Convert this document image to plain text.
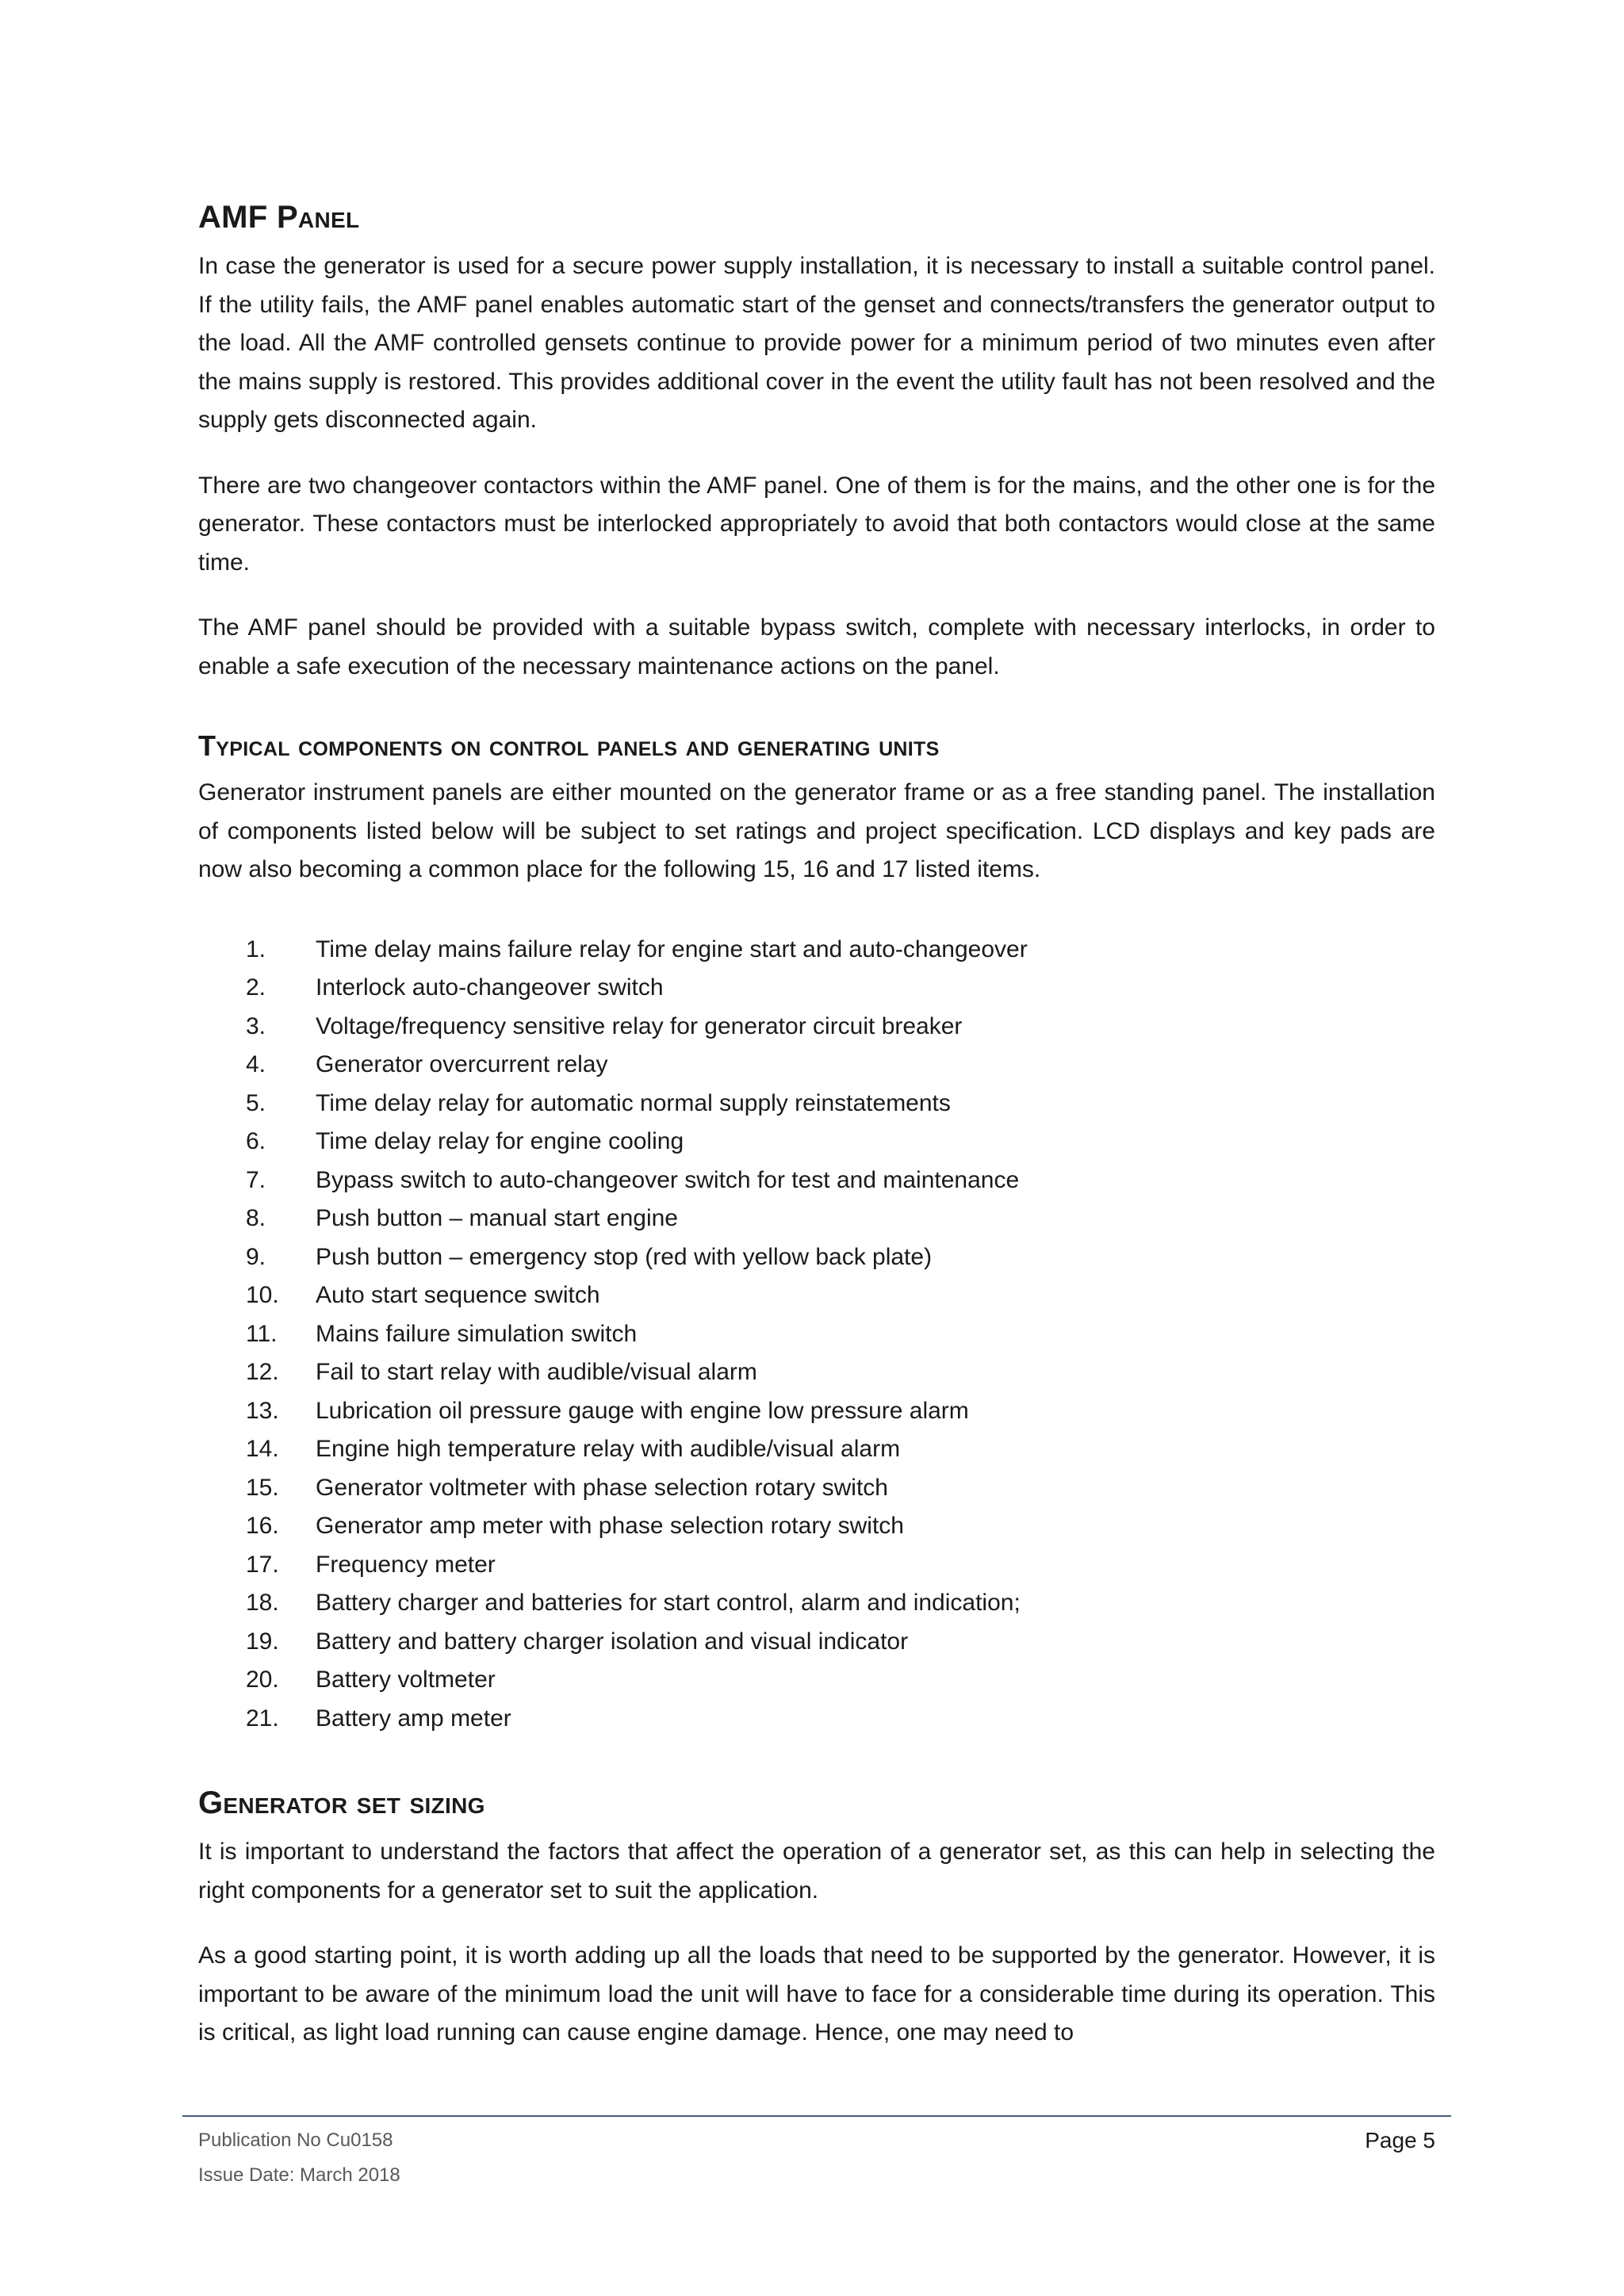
AMF Panel

In case the generator is used for a secure power supply installation, it is necessary to install a suitable control panel. If the utility fails, the AMF panel enables automatic start of the genset and connects/transfers the generator output to the load. All the AMF controlled gensets continue to provide power for a minimum period of two minutes even after the mains supply is restored. This provides additional cover in the event the utility fault has not been resolved and the supply gets disconnected again.

There are two changeover contactors within the AMF panel. One of them is for the mains, and the other one is for the generator. These contactors must be interlocked appropriately to avoid that both contactors would close at the same time.

The AMF panel should be provided with a suitable bypass switch, complete with necessary interlocks, in order to enable a safe execution of the necessary maintenance actions on the panel.

Typical components on control panels and generating units

Generator instrument panels are either mounted on the generator frame or as a free standing panel. The installation of components listed below will be subject to set ratings and project specification. LCD displays and key pads are now also becoming a common place for the following 15, 16 and 17 listed items.

1.	Time delay mains failure relay for engine start and auto-changeover
2.	Interlock auto-changeover switch
3.	Voltage/frequency sensitive relay for generator circuit breaker
4.	Generator overcurrent relay
5.	Time delay relay for automatic normal supply reinstatements
6.	Time delay relay for engine cooling
7.	Bypass switch to auto-changeover switch for test and maintenance
8.	Push button – manual start engine
9.	Push button – emergency stop (red with yellow back plate)
10.	Auto start sequence switch
11.	Mains failure simulation switch
12.	Fail to start relay with audible/visual alarm
13.	Lubrication oil pressure gauge with engine low pressure alarm
14.	Engine high temperature relay with audible/visual alarm
15.	Generator voltmeter with phase selection rotary switch
16.	Generator amp meter with phase selection rotary switch
17.	Frequency meter
18.	Battery charger and batteries for start control, alarm and indication;
19.	Battery and battery charger isolation and visual indicator
20.	Battery voltmeter
21.	Battery amp meter
Generator set sizing

It is important to understand the factors that affect the operation of a generator set, as this can help in selecting the right components for a generator set to suit the application.

As a good starting point, it is worth adding up all the loads that need to be supported by the generator. However, it is important to be aware of the minimum load the unit will have to face for a considerable time during its operation. This is critical, as light load running can cause engine damage. Hence, one may need to

Publication No Cu0158
Issue Date: March 2018
Page 5
